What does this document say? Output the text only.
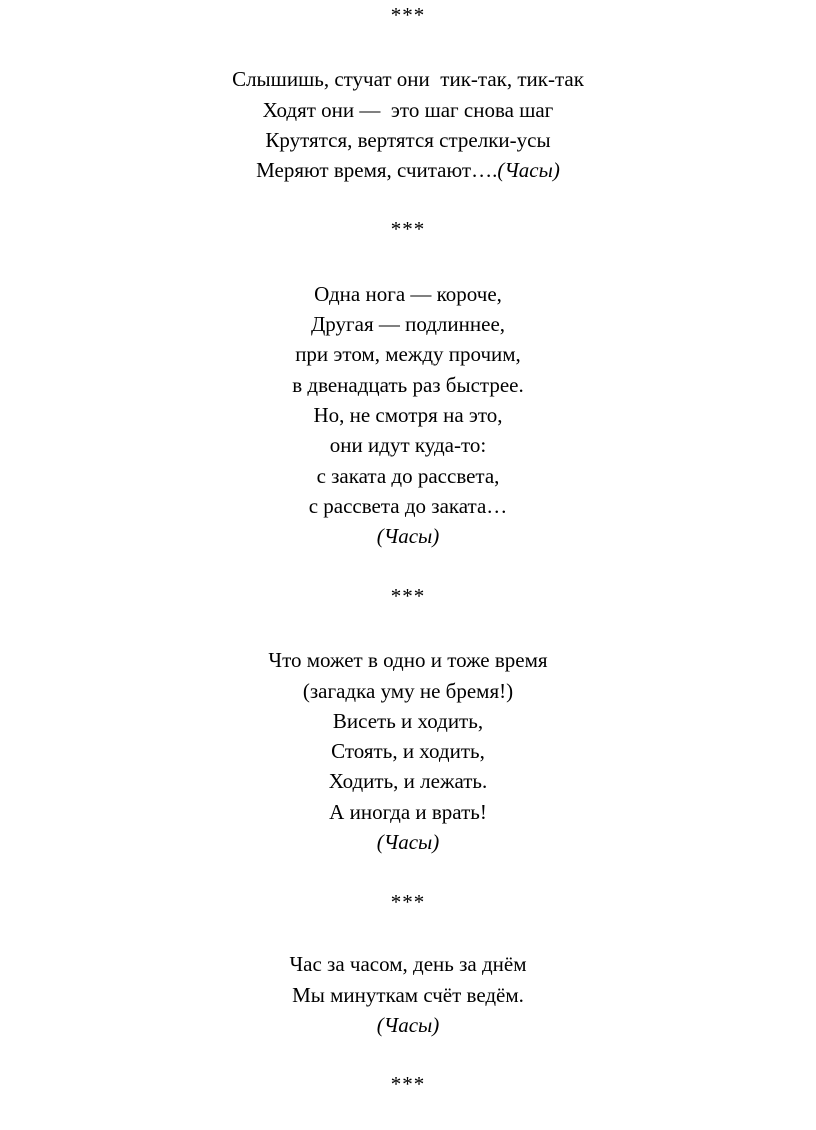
***
Слышишь, стучат они  тик-так, тик-так
Ходят они —  это шаг снова шаг
Крутятся, вертятся стрелки-усы
Меряют время, считают….(Часы)
***
Одна нога — короче,
Другая — подлиннее,
при этом, между прочим,
в двенадцать раз быстрее.
Но, не смотря на это,
они идут куда-то:
с заката до рассвета,
с рассвета до заката…
(Часы)
***
Что может в одно и тоже время
(загадка уму не бремя!)
Висеть и ходить,
Стоять, и ходить,
Ходить, и лежать.
А иногда и врать!
(Часы)
***
Час за часом, день за днём
Мы минуткам счёт ведём.
(Часы)
***
